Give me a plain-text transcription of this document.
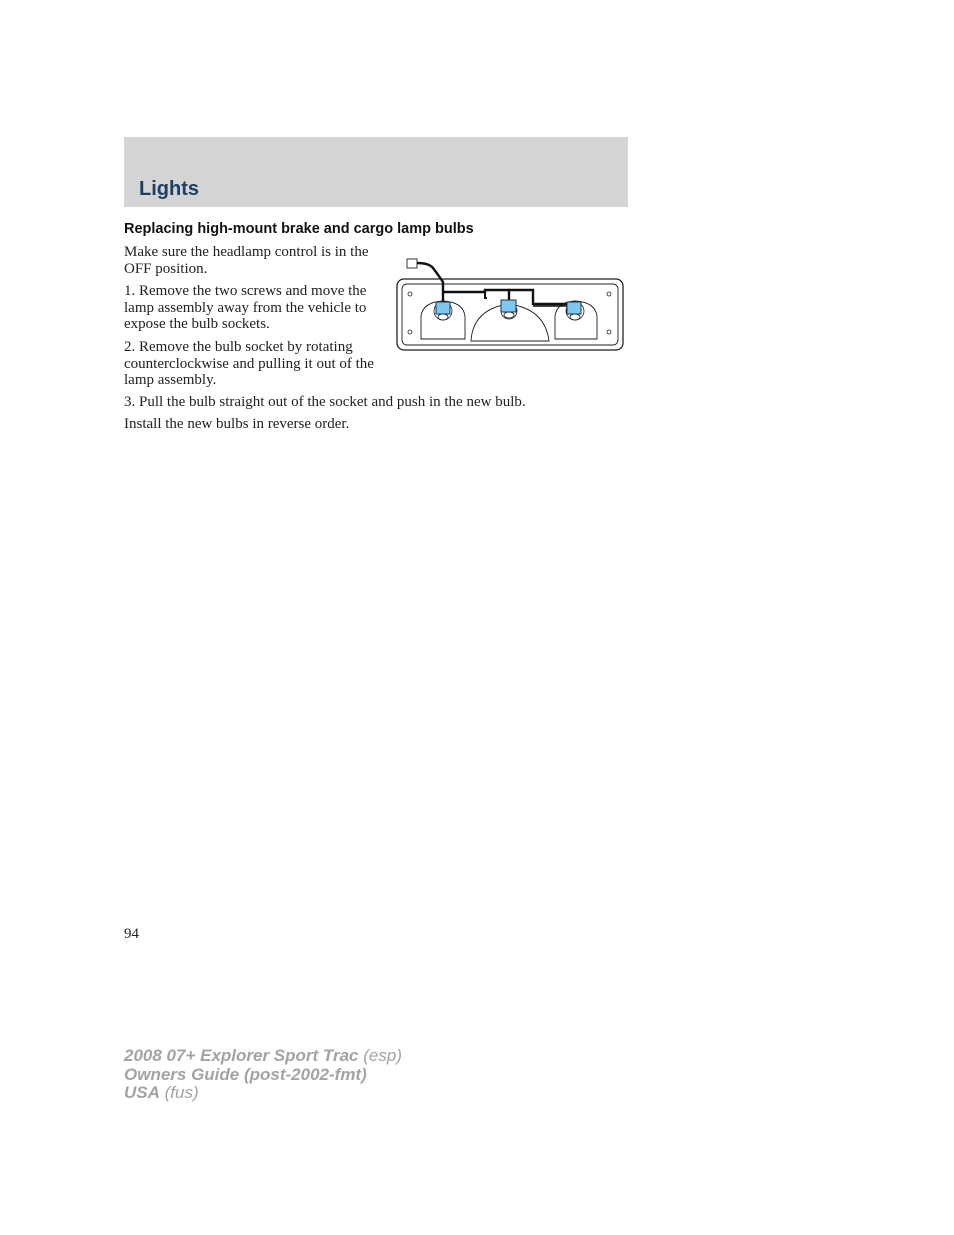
Lights
Replacing high-mount brake and cargo lamp bulbs

Make sure the headlamp control is in the OFF position.

1. Remove the two screws and move the lamp assembly away from the vehicle to expose the bulb sockets.

2. Remove the bulb socket by rotating counterclockwise and pulling it out of the lamp assembly.

3. Pull the bulb straight out of the socket and push in the new bulb.

Install the new bulbs in reverse order.

94
2008 07+ Explorer Sport Trac (esp)
Owners Guide (post-2002-fmt)
USA (fus)
